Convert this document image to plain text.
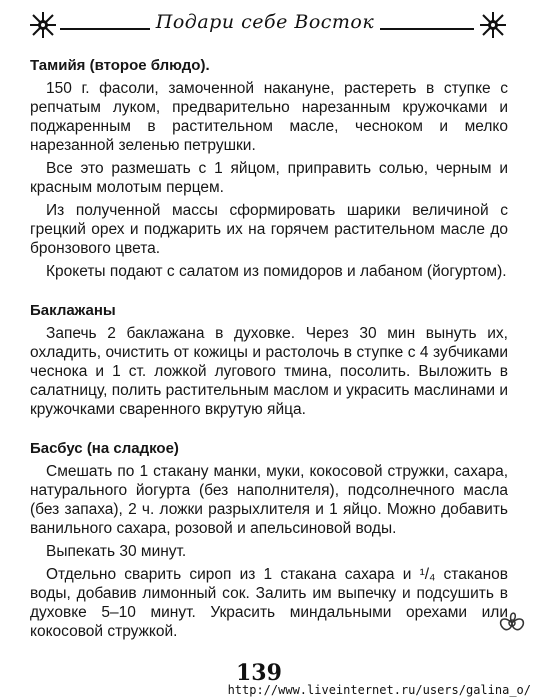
Подари себе Восток
Тамийя (второе блюдо).

150 г. фасоли, замоченной накануне, растереть в ступке с репчатым луком, предварительно нарезанным кружочками и поджаренным в растительном масле, чесноком и мелко нарезанной зеленью петрушки.

Все это размешать с 1 яйцом, приправить солью, черным и красным молотым перцем.

Из полученной массы сформировать шарики величиной с грецкий орех и поджарить их на горячем растительном масле до бронзового цвета.

Крокеты подают с салатом из помидоров и лабаном (йогуртом).

Баклажаны

Запечь 2 баклажана в духовке. Через 30 мин вынуть их, охладить, очистить от кожицы и растолочь в ступке с 4 зубчиками чеснока и 1 ст. ложкой лугового тмина, посолить. Выложить в салатницу, полить растительным маслом и украсить маслинами и кружочками сваренного вкрутую яйца.

Басбус (на сладкое)

Смешать по 1 стакану манки, муки, кокосовой стружки, сахара, натурального йогурта (без наполнителя), подсолнечного масла (без запаха), 2 ч. ложки разрыхлителя и 1 яйцо. Можно добавить ванильного сахара, розовой и апельсиновой воды.

Выпекать 30 минут.

Отдельно сварить сироп из 1 стакана сахара и ¹/₄ стаканов воды, добавив лимонный сок. Залить им выпечку и подсушить в духовке 5–10 минут. Украсить миндальными орехами или кокосовой стружкой.

139
http://www.liveinternet.ru/users/galina_o/
